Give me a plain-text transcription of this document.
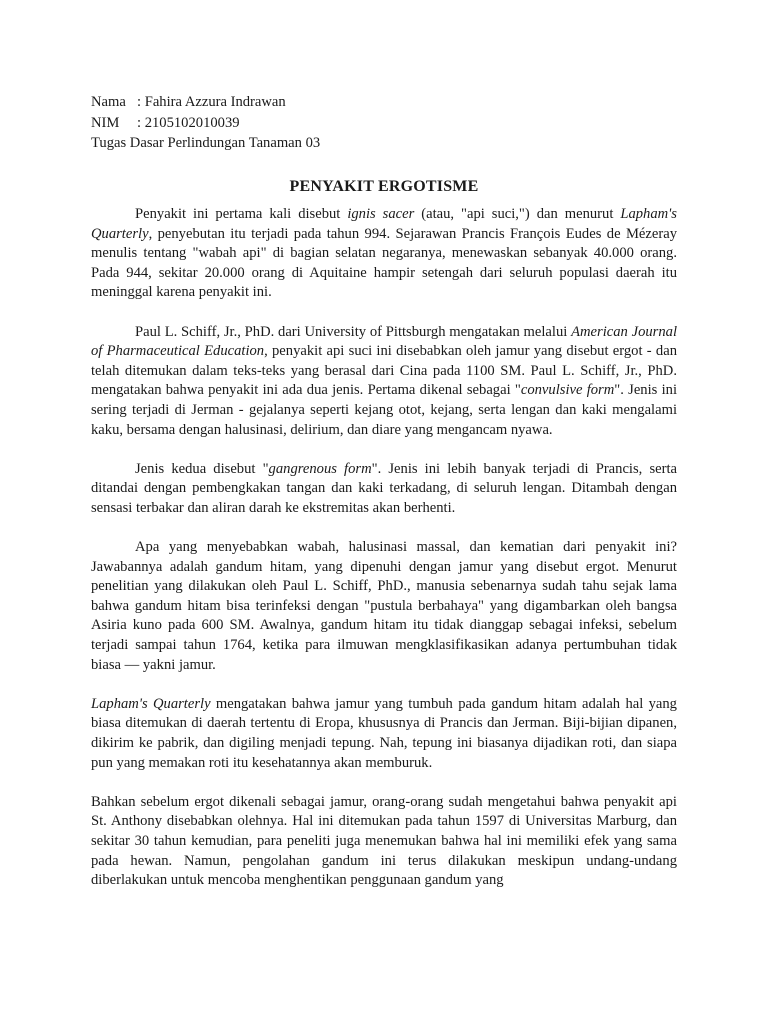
Nama : Fahira Azzura Indrawan
NIM : 2105102010039
Tugas Dasar Perlindungan Tanaman 03
PENYAKIT ERGOTISME

Penyakit ini pertama kali disebut ignis sacer (atau, "api suci,") dan menurut Lapham's Quarterly, penyebutan itu terjadi pada tahun 994. Sejarawan Prancis François Eudes de Mézeray menulis tentang "wabah api" di bagian selatan negaranya, menewaskan sebanyak 40.000 orang. Pada 944, sekitar 20.000 orang di Aquitaine hampir setengah dari seluruh populasi daerah itu meninggal karena penyakit ini.

Paul L. Schiff, Jr., PhD. dari University of Pittsburgh mengatakan melalui American Journal of Pharmaceutical Education, penyakit api suci ini disebabkan oleh jamur yang disebut ergot - dan telah ditemukan dalam teks-teks yang berasal dari Cina pada 1100 SM. Paul L. Schiff, Jr., PhD. mengatakan bahwa penyakit ini ada dua jenis. Pertama dikenal sebagai "convulsive form". Jenis ini sering terjadi di Jerman - gejalanya seperti kejang otot, kejang, serta lengan dan kaki mengalami kaku, bersama dengan halusinasi, delirium, dan diare yang mengancam nyawa.

Jenis kedua disebut "gangrenous form". Jenis ini lebih banyak terjadi di Prancis, serta ditandai dengan pembengkakan tangan dan kaki terkadang, di seluruh lengan. Ditambah dengan sensasi terbakar dan aliran darah ke ekstremitas akan berhenti.

Apa yang menyebabkan wabah, halusinasi massal, dan kematian dari penyakit ini? Jawabannya adalah gandum hitam, yang dipenuhi dengan jamur yang disebut ergot. Menurut penelitian yang dilakukan oleh Paul L. Schiff, PhD., manusia sebenarnya sudah tahu sejak lama bahwa gandum hitam bisa terinfeksi dengan "pustula berbahaya" yang digambarkan oleh bangsa Asiria kuno pada 600 SM. Awalnya, gandum hitam itu tidak dianggap sebagai infeksi, sebelum terjadi sampai tahun 1764, ketika para ilmuwan mengklasifikasikan adanya pertumbuhan tidak biasa — yakni jamur.

Lapham's Quarterly mengatakan bahwa jamur yang tumbuh pada gandum hitam adalah hal yang biasa ditemukan di daerah tertentu di Eropa, khususnya di Prancis dan Jerman. Biji-bijian dipanen, dikirim ke pabrik, dan digiling menjadi tepung. Nah, tepung ini biasanya dijadikan roti, dan siapa pun yang memakan roti itu kesehatannya akan memburuk.

Bahkan sebelum ergot dikenali sebagai jamur, orang-orang sudah mengetahui bahwa penyakit api St. Anthony disebabkan olehnya. Hal ini ditemukan pada tahun 1597 di Universitas Marburg, dan sekitar 30 tahun kemudian, para peneliti juga menemukan bahwa hal ini memiliki efek yang sama pada hewan. Namun, pengolahan gandum ini terus dilakukan meskipun undang-undang diberlakukan untuk mencoba menghentikan penggunaan gandum yang
